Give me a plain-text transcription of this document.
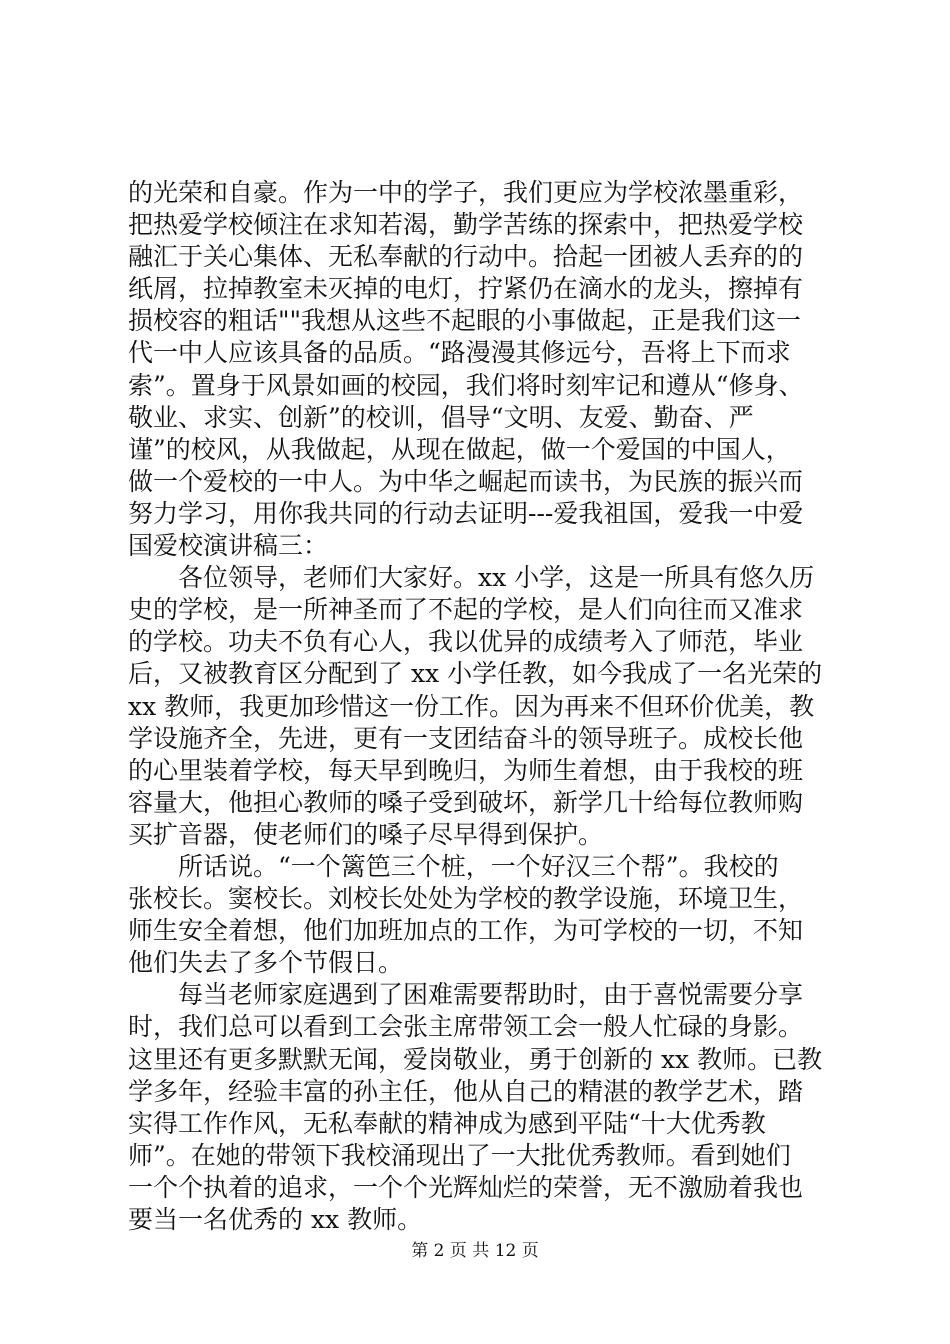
的光荣和自豪。作为一中的学子，我们更应为学校浓墨重彩，
把热爱学校倾注在求知若渴，勤学苦练的探索中，把热爱学校
融汇于关心集体、无私奉献的行动中。拾起一团被人丢弃的的
纸屑，拉掉教室未灭掉的电灯，拧紧仍在滴水的龙头，擦掉有
损校容的粗话""我想从这些不起眼的小事做起，正是我们这一
代一中人应该具备的品质。“路漫漫其修远兮，吾将上下而求
索”。置身于风景如画的校园，我们将时刻牢记和遵从“修身、
敬业、求实、创新”的校训，倡导“文明、友爱、勤奋、严
谨”的校风，从我做起，从现在做起，做一个爱国的中国人，
做一个爱校的一中人。为中华之崛起而读书，为民族的振兴而
努力学习，用你我共同的行动去证明---爱我祖国，爱我一中爱
国爱校演讲稿三：
　　各位领导，老师们大家好。xx 小学，这是一所具有悠久历
史的学校，是一所神圣而了不起的学校，是人们向往而又准求
的学校。功夫不负有心人，我以优异的成绩考入了师范，毕业
后，又被教育区分配到了 xx 小学任教，如今我成了一名光荣的
xx 教师，我更加珍惜这一份工作。因为再来不但环价优美，教
学设施齐全，先进，更有一支团结奋斗的领导班子。成校长他
的心里装着学校，每天早到晚归，为师生着想，由于我校的班
容量大，他担心教师的嗓子受到破坏，新学几十给每位教师购
买扩音器，使老师们的嗓子尽早得到保护。
　　所话说。“一个篱笆三个桩，一个好汉三个帮”。我校的
张校长。窦校长。刘校长处处为学校的教学设施，环境卫生，
师生安全着想，他们加班加点的工作，为可学校的一切，不知
他们失去了多个节假日。
　　每当老师家庭遇到了困难需要帮助时，由于喜悦需要分享
时，我们总可以看到工会张主席带领工会一般人忙碌的身影。
这里还有更多默默无闻，爱岗敬业，勇于创新的 xx 教师。已教
学多年，经验丰富的孙主任，他从自己的精湛的教学艺术，踏
实得工作作风，无私奉献的精神成为感到平陆“十大优秀教
师”。在她的带领下我校涌现出了一大批优秀教师。看到她们
一个个执着的追求，一个个光辉灿烂的荣誉，无不激励着我也
要当一名优秀的 xx 教师。
第 2 页 共 12 页
